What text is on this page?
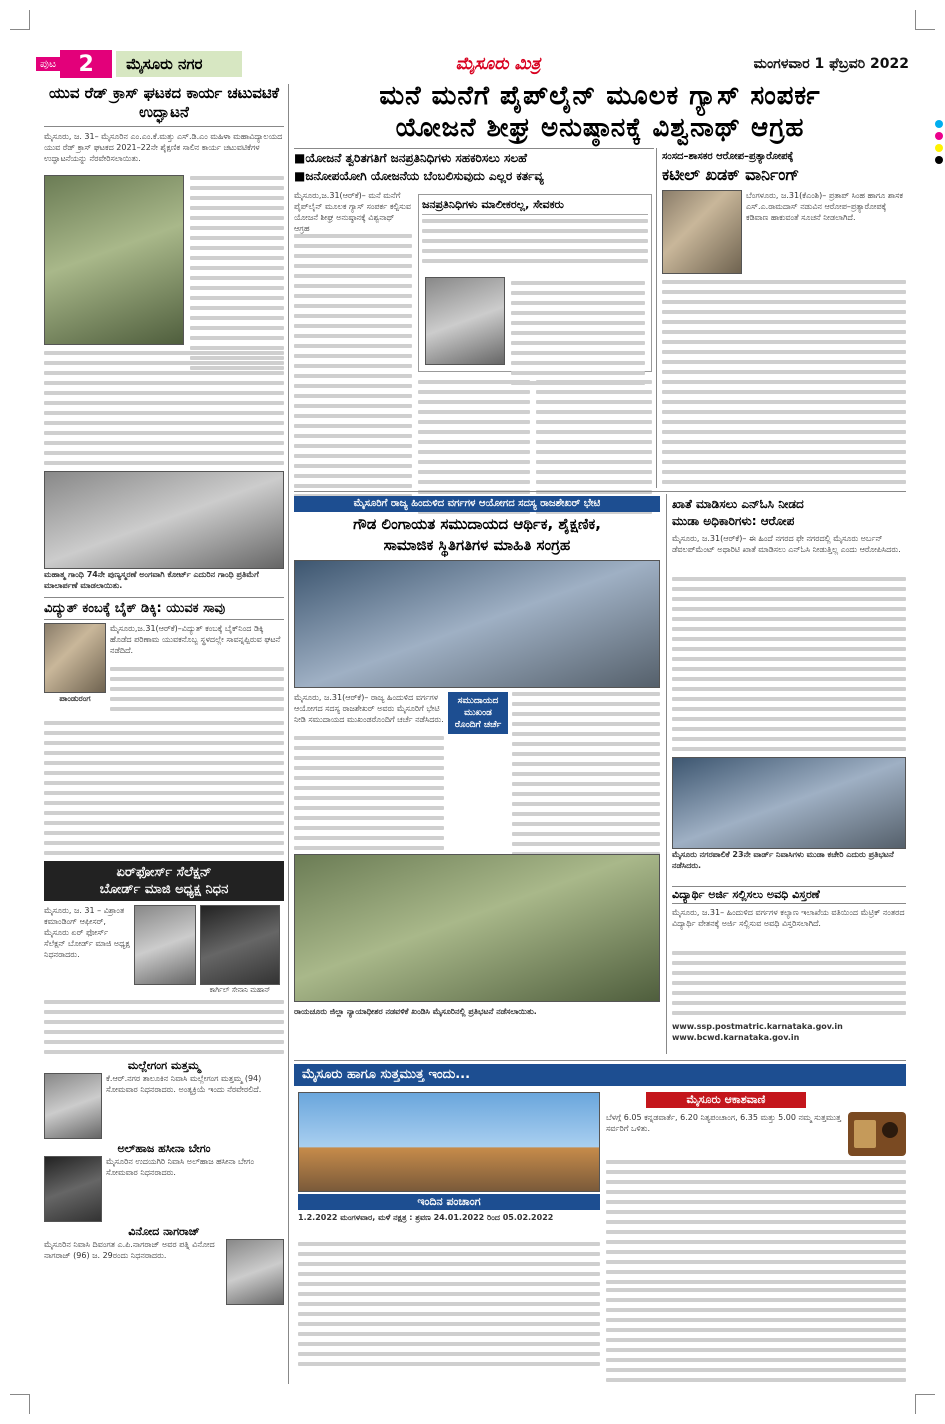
ಪುಟ	2	ಮೈಸೂರು ನಗರ	ಮೈಸೂರು ಮಿತ್ರ	ಮಂಗಳವಾರ 1 ಫೆಬ್ರವರಿ 2022
ಯುವ ರೆಡ್ ಕ್ರಾಸ್ ಘಟಕದ ಕಾರ್ಯ ಚಟುವಟಿಕೆ ಉದ್ಘಾಟನೆ
ಮೈಸೂರು, ಜ. 31– ಮೈಸೂರಿನ ಎಂ.ಎಂ.ಕೆ.ಮತ್ತು ಎಸ್.ಡಿ.ಎಂ ಮಹಿಳಾ ಮಹಾವಿದ್ಯಾಲಯದ ಯುವ ರೆಡ್ ಕ್ರಾಸ್ ಘಟಕದ 2021–22ನೇ ಶೈಕ್ಷಣಿಕ ಸಾಲಿನ ಕಾರ್ಯ ಚಟುವಟಿಕೆಗಳ ಉದ್ಘಾಟನೆಯನ್ನು ನೆರವೇರಿಸಲಾಯಿತು.
ಮಹಾತ್ಮ ಗಾಂಧಿ 74ನೇ ಪುಣ್ಯಸ್ಮರಣೆ ಅಂಗವಾಗಿ ಕೋರ್ಟ್ ಎದುರಿನ ಗಾಂಧಿ ಪ್ರತಿಮೆಗೆ ಮಾಲಾರ್ಪಣೆ ಮಾಡಲಾಯಿತು.
ವಿದ್ಯುತ್ ಕಂಬಕ್ಕೆ ಬೈಕ್ ಡಿಕ್ಕಿ: ಯುವಕ ಸಾವು
ಪಾಂಡುರಂಗ
ಮೈಸೂರು,ಜ.31(ಆರ್‌ಕೆ)–ವಿದ್ಯುತ್ ಕಂಬಕ್ಕೆ ಬೈಕ್‌ನಿಂದ ಡಿಕ್ಕಿ ಹೊಡೆದ ಪರಿಣಾಮ ಯುವಕನೊಬ್ಬ ಸ್ಥಳದಲ್ಲೇ ಸಾವನ್ನಪ್ಪಿರುವ ಘಟನೆ ನಡೆದಿದೆ.
ಏರ್‌ಫೋರ್ಸ್ ಸೆಲೆಕ್ಷನ್
ಬೋರ್ಡ್ ಮಾಜಿ ಅಧ್ಯಕ್ಷ ನಿಧನ
ಮೈಸೂರು, ಜ. 31 – ವಿಶ್ರಾಂತ ಕಮಾಂಡಿಂಗ್ ಆಫೀಸರ್, ಮೈಸೂರು ಏರ್ ಫೋರ್ಸ್ ಸೆಲೆಕ್ಷನ್ ಬೋರ್ಡ್ ಮಾಜಿ ಅಧ್ಯಕ್ಷ ನಿಧನರಾದರು.
ಕಾರ್ಗಿಲ್ ಸೇನಾನಿ ಮಹಾನ್
ಮಲ್ಲೇಗಂಗ ಮತ್ತಮ್ಮ
ಕೆ.ಆರ್.ನಗರ ತಾಲೂಕಿನ ನಿವಾಸಿ ಮಲ್ಲೇಗಂಗ ಮತ್ತಮ್ಮ (94) ಸೋಮವಾರ ನಿಧನರಾದರು. ಅಂತ್ಯಕ್ರಿಯೆ ಇಂದು ನೆರವೇರಲಿದೆ.
ಅಲ್‌ಹಾಜ ಹಸೀನಾ ಬೇಗಂ
ಮೈಸೂರಿನ ಉದಯಗಿರಿ ನಿವಾಸಿ ಅಲ್‌ಹಾಜ ಹಸೀನಾ ಬೇಗಂ ಸೋಮವಾರ ನಿಧನರಾದರು.
ವಿನೋದ ನಾಗರಾಜ್
ಮೈಸೂರಿನ ನಿವಾಸಿ ದಿವಂಗತ ಎ.ಪಿ.ನಾಗರಾಜ್ ಅವರ ಪತ್ನಿ ವಿನೋದ ನಾಗರಾಜ್ (96) ಜ. 29ರಂದು ನಿಧನರಾದರು.
ಮನೆ ಮನೆಗೆ ಪೈಪ್‌ಲೈನ್ ಮೂಲಕ ಗ್ಯಾಸ್ ಸಂಪರ್ಕ
ಯೋಜನೆ ಶೀಘ್ರ ಅನುಷ್ಠಾನಕ್ಕೆ ವಿಶ್ವನಾಥ್ ಆಗ್ರಹ
■ಯೋಜನೆ ತ್ವರಿತಗತಿಗೆ ಜನಪ್ರತಿನಿಧಿಗಳು ಸಹಕರಿಸಲು ಸಲಹೆ
■ಜನೋಪಯೋಗಿ ಯೋಜನೆಯ ಬೆಂಬಲಿಸುವುದು ಎಲ್ಲರ ಕರ್ತವ್ಯ
ಮೈಸೂರು,ಜ.31(ಆರ್‌ಕೆ)– ಮನೆ ಮನೆಗೆ ಪೈಪ್‌ಲೈನ್ ಮೂಲಕ ಗ್ಯಾಸ್ ಸಂಪರ್ಕ ಕಲ್ಪಿಸುವ ಯೋಜನೆ ಶೀಘ್ರ ಅನುಷ್ಠಾನಕ್ಕೆ ವಿಶ್ವನಾಥ್ ಆಗ್ರಹ
ಜನಪ್ರತಿನಿಧಿಗಳು ಮಾಲೀಕರಲ್ಲ, ಸೇವಕರು
ಸಂಸದ–ಶಾಸಕರ ಆರೋಪ–ಪ್ರತ್ಯಾರೋಪಕ್ಕೆ
ಕಟೀಲ್ ಖಡಕ್ ವಾರ್ನಿಂಗ್
ಬೆಂಗಳೂರು, ಜ.31(ಕೆಎಂಶಿ)– ಪ್ರತಾಪ್ ಸಿಂಹ ಹಾಗೂ ಶಾಸಕ ಎಸ್.ಎ.ರಾಮದಾಸ್ ನಡುವಿನ ಆರೋಪ–ಪ್ರತ್ಯಾರೋಪಕ್ಕೆ ಕಡಿವಾಣ ಹಾಕುವಂತೆ ಸೂಚನೆ ನೀಡಲಾಗಿದೆ.
ಮೈಸೂರಿಗೆ ರಾಜ್ಯ ಹಿಂದುಳಿದ ವರ್ಗಗಳ ಆಯೋಗದ ಸದಸ್ಯ ರಾಜಶೇಖರ್ ಭೇಟಿ
ಗೌಡ ಲಿಂಗಾಯತ ಸಮುದಾಯದ ಆರ್ಥಿಕ, ಶೈಕ್ಷಣಿಕ,
ಸಾಮಾಜಿಕ ಸ್ಥಿತಿಗತಿಗಳ ಮಾಹಿತಿ ಸಂಗ್ರಹ
ಮೈಸೂರು, ಜ.31(ಆರ್‌ಕೆ)– ರಾಜ್ಯ ಹಿಂದುಳಿದ ವರ್ಗಗಳ ಆಯೋಗದ ಸದಸ್ಯ ರಾಜಶೇಖರ್ ಅವರು ಮೈಸೂರಿಗೆ ಭೇಟಿ ನೀಡಿ ಸಮುದಾಯದ ಮುಖಂಡರೊಂದಿಗೆ ಚರ್ಚೆ ನಡೆಸಿದರು.
ಸಮುದಾಯದ ಮುಖಂಡ ರೊಂದಿಗೆ ಚರ್ಚೆ
ರಾಯಚೂರು ಜಿಲ್ಲಾ ನ್ಯಾಯಾಧೀಶರ ನಡವಳಿಕೆ ಖಂಡಿಸಿ ಮೈಸೂರಿನಲ್ಲಿ ಪ್ರತಿಭಟನೆ ನಡೆಸಲಾಯಿತು.
ಖಾತೆ ಮಾಡಿಸಲು ಎನ್‌ಓಸಿ ನೀಡದ
ಮುಡಾ ಅಧಿಕಾರಿಗಳು: ಆರೋಪ
ಮೈಸೂರು, ಜ.31(ಆರ್‌ಕೆ)– ಈ ಹಿಂದೆ ನಗರದ ಫೇ ನಗರದಲ್ಲಿ ಮೈಸೂರು ಅರ್ಬನ್ ಡೆವಲಪ್‌ಮೆಂಟ್ ಅಥಾರಿಟಿ ಖಾತೆ ಮಾಡಿಸಲು ಎನ್‌ಓಸಿ ನೀಡುತ್ತಿಲ್ಲ ಎಂದು ಆರೋಪಿಸಿದರು.
ಮೈಸೂರು ನಗರಪಾಲಿಕೆ 23ನೇ ವಾರ್ಡ್ ನಿವಾಸಿಗಳು ಮುಡಾ ಕಚೇರಿ ಎದುರು ಪ್ರತಿಭಟನೆ ನಡೆಸಿದರು.
ವಿದ್ಯಾರ್ಥಿ ಅರ್ಜಿ ಸಲ್ಲಿಸಲು ಅವಧಿ ವಿಸ್ತರಣೆ
ಮೈಸೂರು, ಜ.31– ಹಿಂದುಳಿದ ವರ್ಗಗಳ ಕಲ್ಯಾಣ ಇಲಾಖೆಯ ವತಿಯಿಂದ ಮೆಟ್ರಿಕ್ ನಂತರದ ವಿದ್ಯಾರ್ಥಿ ವೇತನಕ್ಕೆ ಅರ್ಜಿ ಸಲ್ಲಿಸುವ ಅವಧಿ ವಿಸ್ತರಿಸಲಾಗಿದೆ.
www.ssp.postmatric.karnataka.gov.in
www.bcwd.karnataka.gov.in
ಮೈಸೂರು ಹಾಗೂ ಸುತ್ತಮುತ್ತ ಇಂದು...
ಇಂದಿನ ಪಂಚಾಂಗ
1.2.2022 ಮಂಗಳವಾರ, ಮಳೆ ನಕ್ಷತ್ರ : ಶ್ರವಣ 24.01.2022 ರಿಂದ 05.02.2022
ಮೈಸೂರು ಆಕಾಶವಾಣಿ
ಬೆಳಗ್ಗೆ 6.05 ಕನ್ನಡವಾರ್ತೆ, 6.20 ನಿತ್ಯಪಂಚಾಂಗ, 6.35 ಮತ್ತು 5.00 ನಮ್ಮ ಸುತ್ತಮುತ್ತ ಸರ್ವರಿಗೆ ಒಳಿತು.
